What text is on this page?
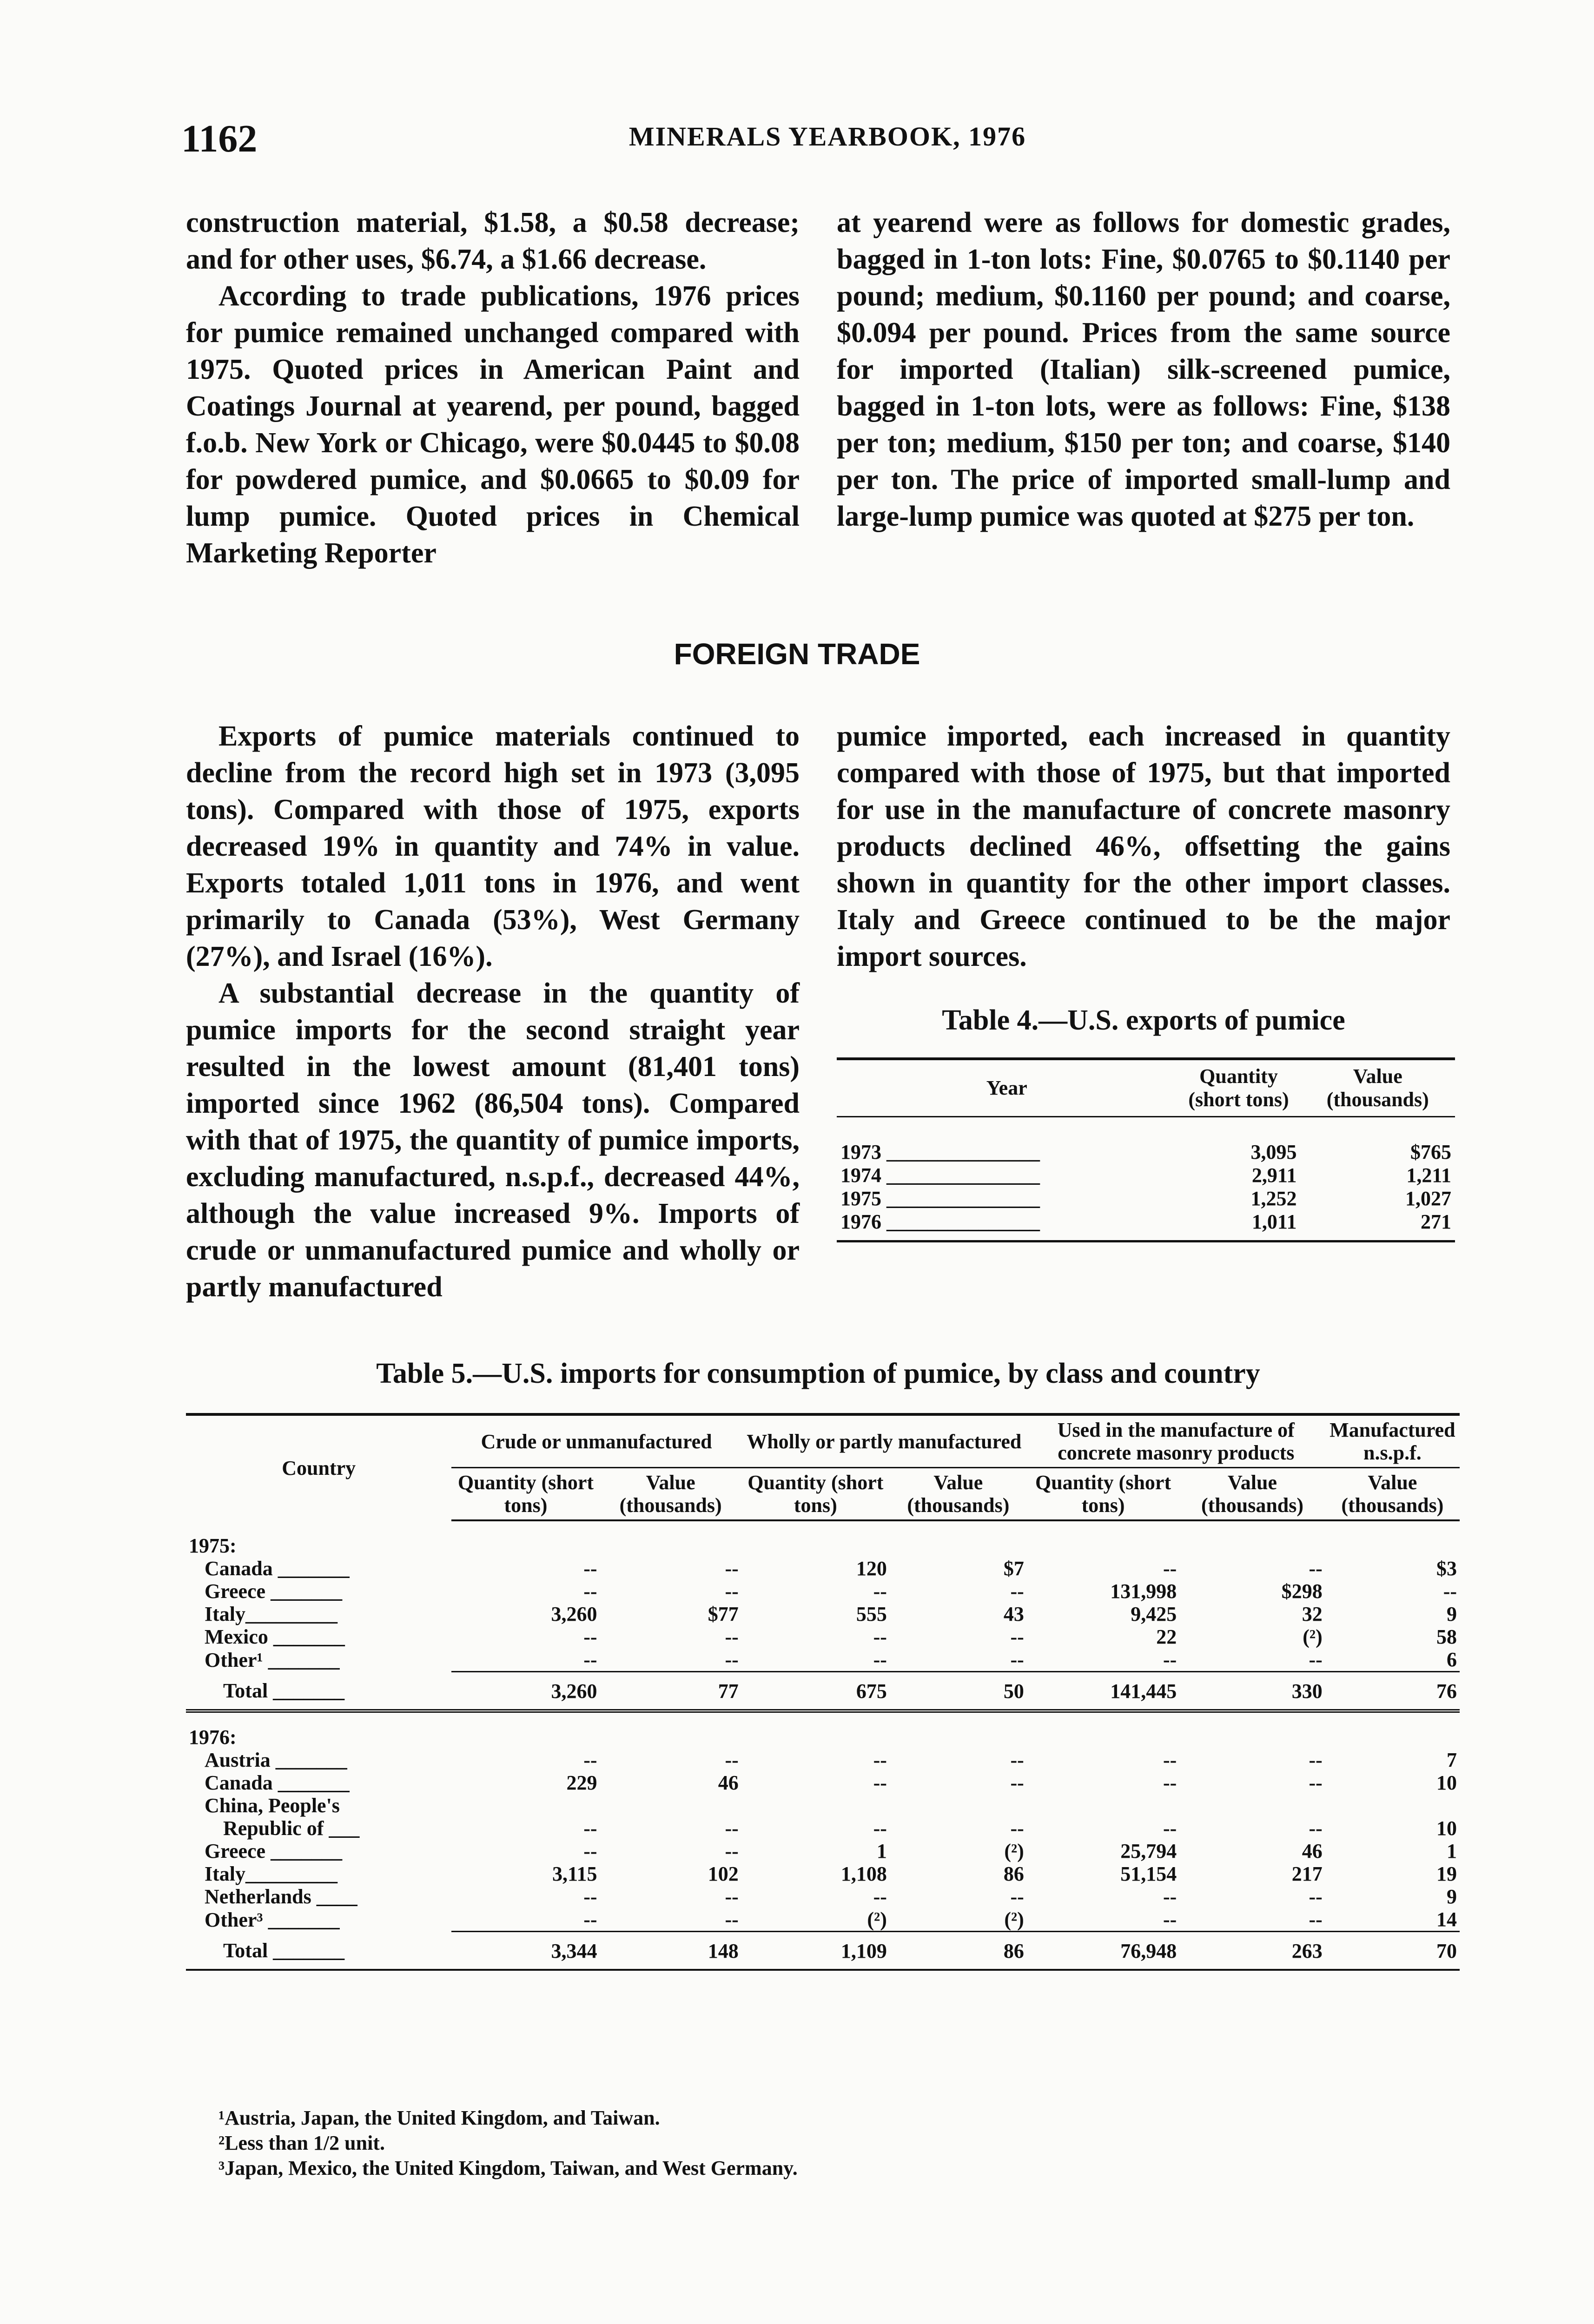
1162	MINERALS YEARBOOK, 1976

construction material, $1.58, a $0.58 decrease; and for other uses, $6.74, a $1.66 decrease.

According to trade publications, 1976 prices for pumice remained unchanged compared with 1975. Quoted prices in American Paint and Coatings Journal at yearend, per pound, bagged f.o.b. New York or Chicago, were $0.0445 to $0.08 for powdered pumice, and $0.0665 to $0.09 for lump pumice. Quoted prices in Chemical Marketing Reporter

at yearend were as follows for domestic grades, bagged in 1-ton lots: Fine, $0.0765 to $0.1140 per pound; medium, $0.1160 per pound; and coarse, $0.094 per pound. Prices from the same source for imported (Italian) silk-screened pumice, bagged in 1-ton lots, were as follows: Fine, $138 per ton; medium, $150 per ton; and coarse, $140 per ton. The price of imported small-lump and large-lump pumice was quoted at $275 per ton.

FOREIGN TRADE

Exports of pumice materials continued to decline from the record high set in 1973 (3,095 tons). Compared with those of 1975, exports decreased 19% in quantity and 74% in value. Exports totaled 1,011 tons in 1976, and went primarily to Canada (53%), West Germany (27%), and Israel (16%).

A substantial decrease in the quantity of pumice imports for the second straight year resulted in the lowest amount (81,401 tons) imported since 1962 (86,504 tons). Compared with that of 1975, the quantity of pumice imports, excluding manufactured, n.s.p.f., decreased 44%, although the value increased 9%. Imports of crude or unmanufactured pumice and wholly or partly manufactured

pumice imported, each increased in quantity compared with those of 1975, but that imported for use in the manufacture of concrete masonry products declined 46%, offsetting the gains shown in quantity for the other import classes. Italy and Greece continued to be the major import sources.

Table 4.—U.S. exports of pumice
Year	Quantity (short tons)	Value (thousands)
1973 _______________	3,095	$765
1974 _______________	2,911	1,211
1975 _______________	1,252	1,027
1976 _______________	1,011	271
Table 5.—U.S. imports for consumption of pumice, by class and country
Country	Crude or unmanufactured		Wholly or partly manufactured		Used in the manufacture of concrete masonry products		Manufactured n.s.p.f.
	Quantity (short tons)	Value (thousands)	Quantity (short tons)	Value (thousands)	Quantity (short tons)	Value (thousands)	Value (thousands)
1975:							
Canada _______	--	--	120	$7	--	--	$3
Greece _______	--	--	--	--	131,998	$298	--
Italy_________	3,260	$77	555	43	9,425	32	9
Mexico _______	--	--	--	--	22	(²)	58
Other¹ _______	--	--	--	--	--	--	6
Total _______	3,260	77	675	50	141,445	330	76
1976:							
Austria _______	--	--	--	--	--	--	7
Canada _______	229	46	--	--	--	--	10
China, People's							
Republic of ___	--	--	--	--	--	--	10
Greece _______	--	--	1	(²)	25,794	46	1
Italy_________	3,115	102	1,108	86	51,154	217	19
Netherlands ____	--	--	--	--	--	--	9
Other³ _______	--	--	(²)	(²)	--	--	14
Total _______	3,344	148	1,109	86	76,948	263	70
¹Austria, Japan, the United Kingdom, and Taiwan.
²Less than 1/2 unit.
³Japan, Mexico, the United Kingdom, Taiwan, and West Germany.
